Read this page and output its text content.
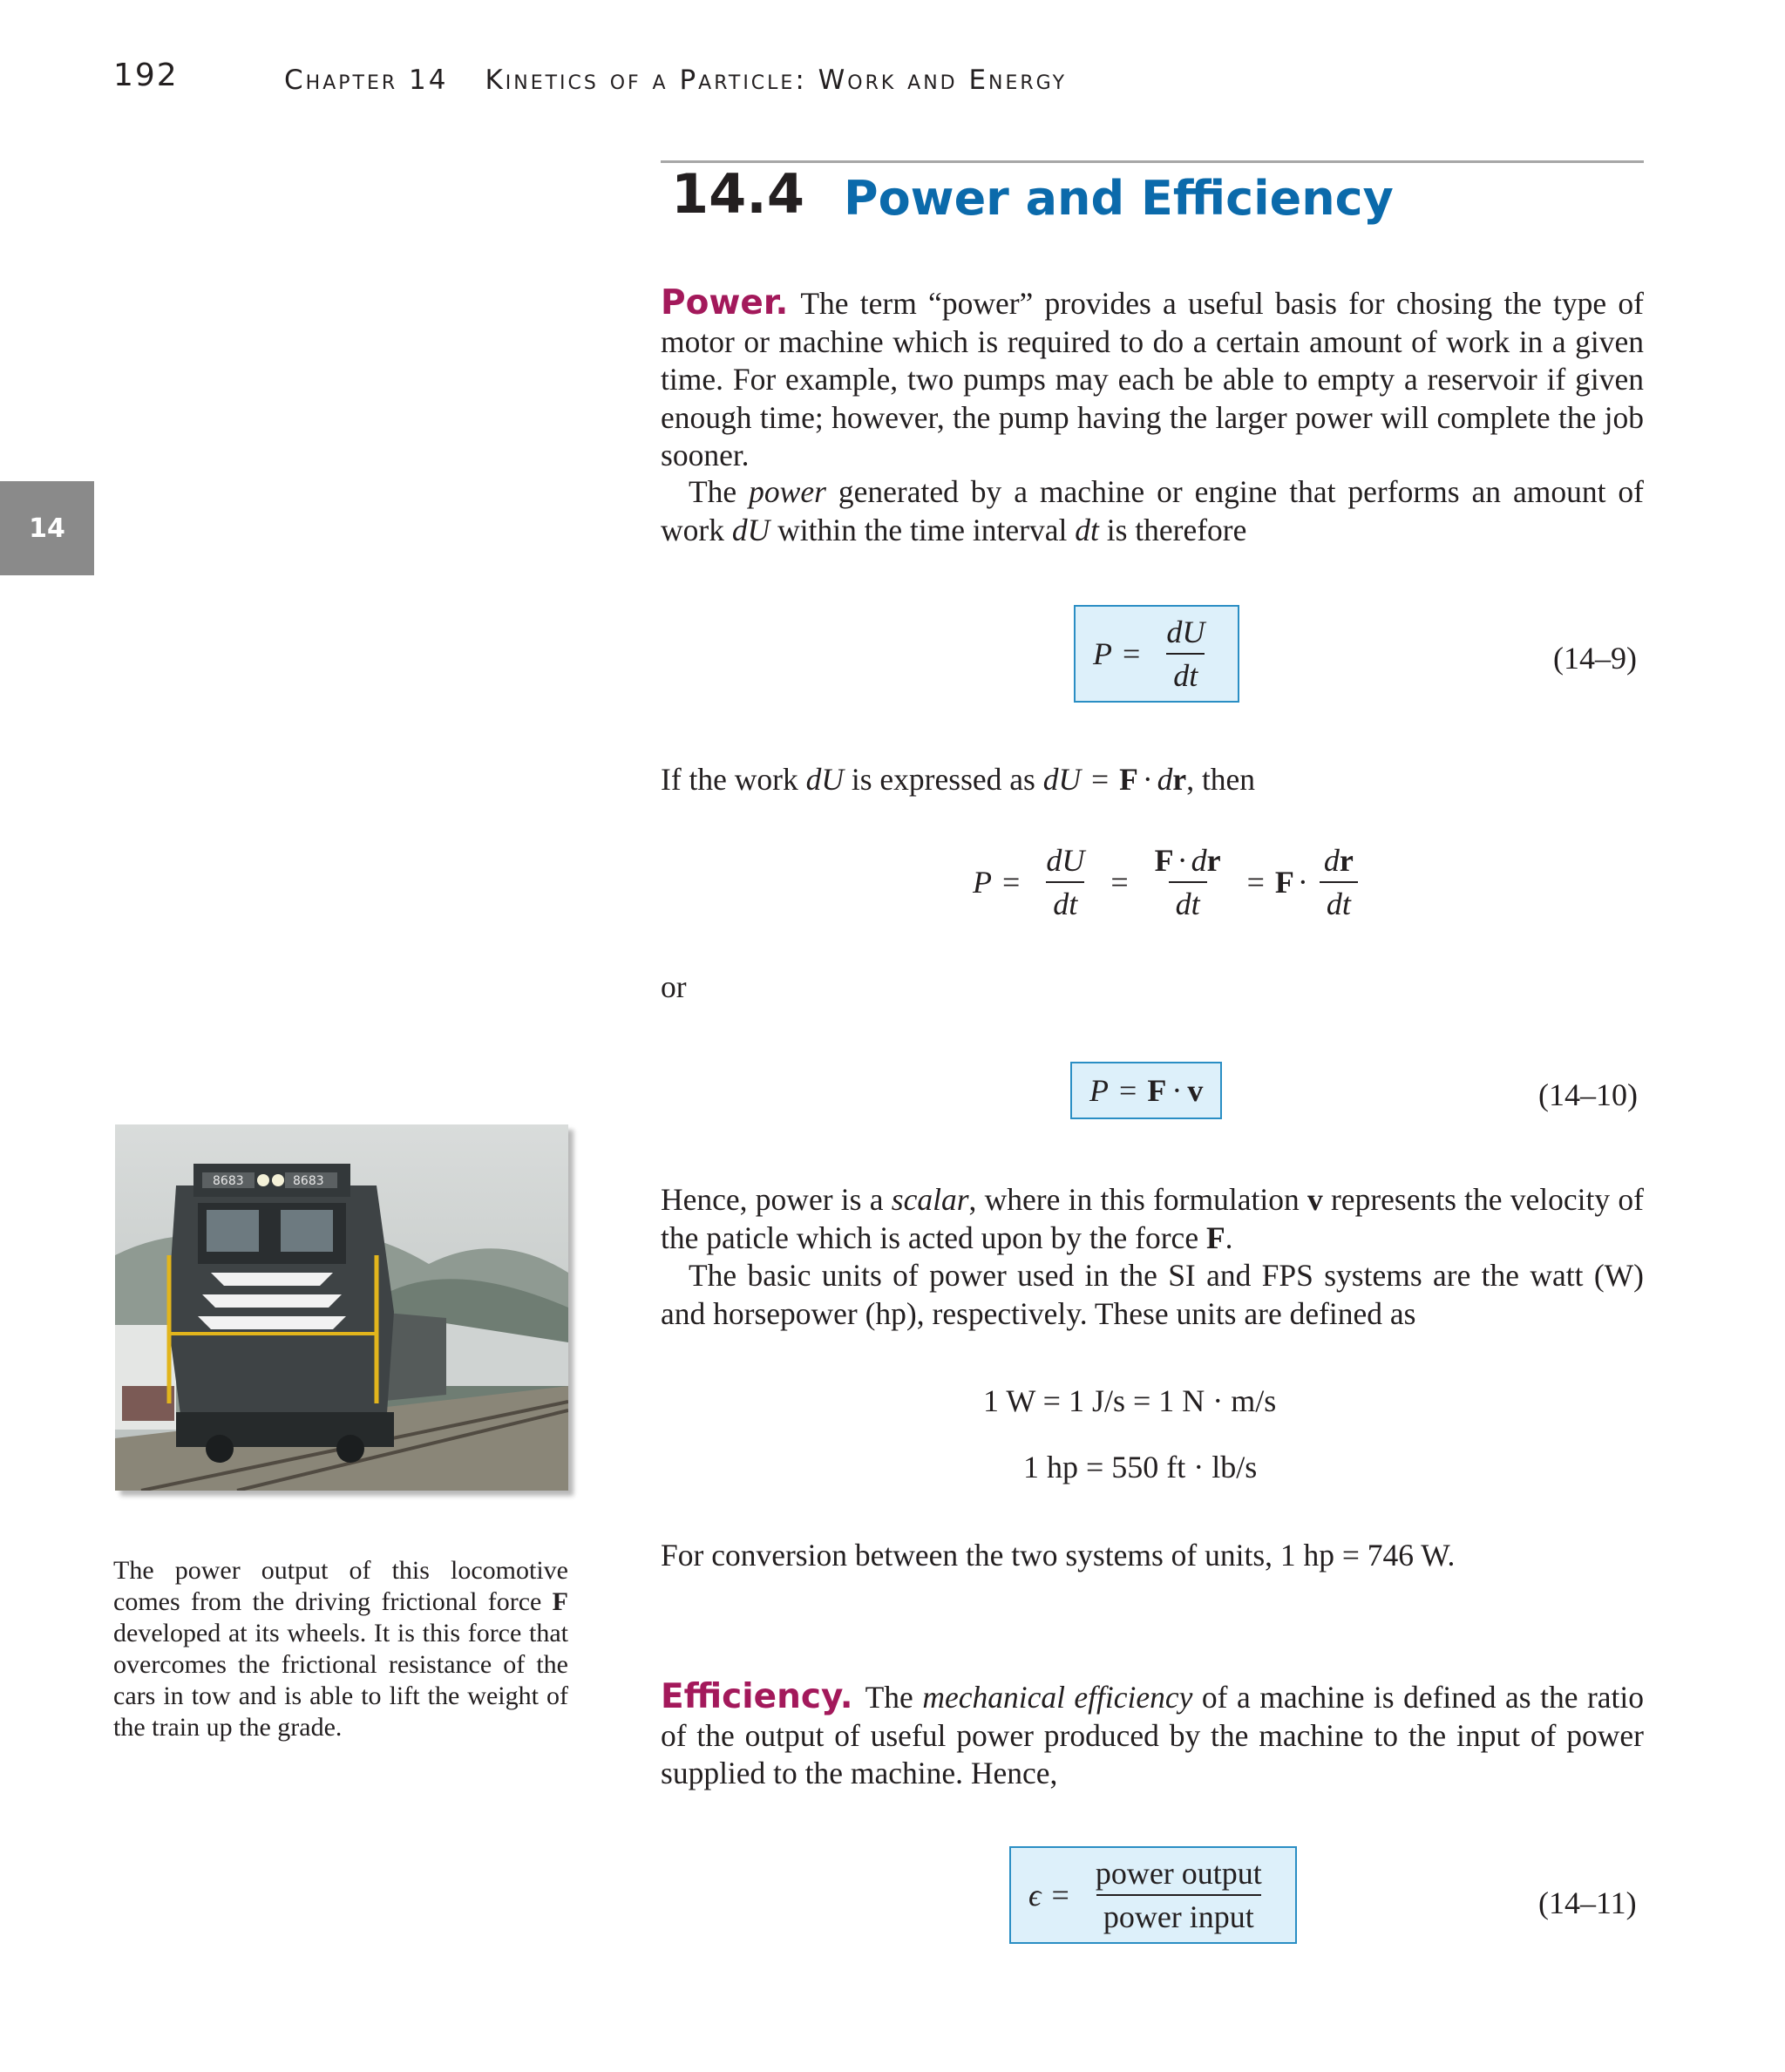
192	Chapter 14 Kinetics of a Particle: Work and Energy
14
14.4 Power and Efficiency
Power. The term “power” provides a useful basis for chosing the type of motor or machine which is required to do a certain amount of work in a given time. For example, two pumps may each be able to empty a reservoir if given enough time; however, the pump having the larger power will complete the job sooner.
The power generated by a machine or engine that performs an amount of work dU within the time interval dt is therefore
$P = \frac{dU}{dt}$	(14–9)
If the work dU is expressed as dU = F · dr, then
$P = \frac{dU}{dt} = \frac{F \cdot dr}{dt} = F \cdot \frac{dr}{dt}$
or
P = F · v	(14–10)
Hence, power is a scalar, where in this formulation v represents the velocity of the paticle which is acted upon by the force F.
The basic units of power used in the SI and FPS systems are the watt (W) and horsepower (hp), respectively. These units are defined as
1 W = 1 J/s = 1 N · m/s
1 hp = 550 ft · lb/s
For conversion between the two systems of units, 1 hp = 746 W.
Efficiency. The mechanical efficiency of a machine is defined as the ratio of the output of useful power produced by the machine to the input of power supplied to the machine. Hence,
$\epsilon = \frac{\text{power output}}{\text{power input}}$	(14–11)
8683	8683
The power output of this locomotive comes from the driving frictional force F developed at its wheels. It is this force that overcomes the frictional resistance of the cars in tow and is able to lift the weight of the train up the grade.
